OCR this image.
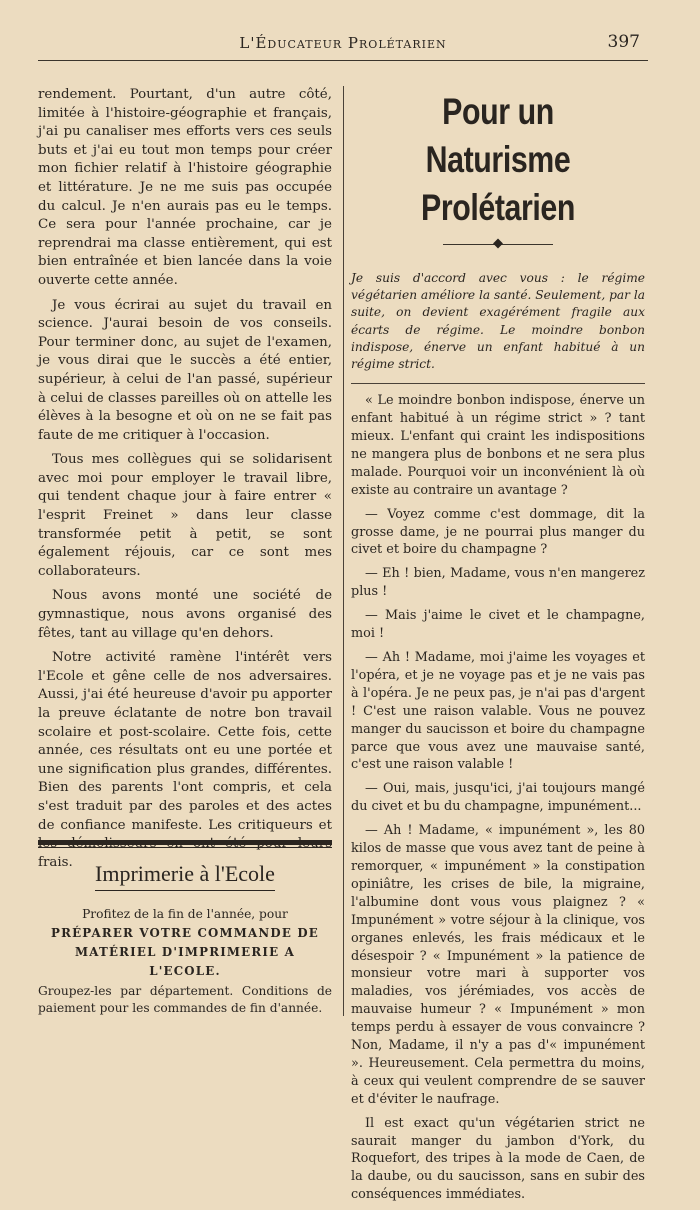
L'Éducateur Prolétarien	397

rendement. Pourtant, d'un autre côté, limitée à l'histoire-géographie et français, j'ai pu canaliser mes efforts vers ces seuls buts et j'ai eu tout mon temps pour créer mon fichier relatif à l'histoire géographie et littérature. Je ne me suis pas occupée du calcul. Je n'en aurais pas eu le temps. Ce sera pour l'année prochaine, car je reprendrai ma classe entièrement, qui est bien entraînée et bien lancée dans la voie ouverte cette année.

Je vous écrirai au sujet du travail en science. J'aurai besoin de vos conseils. Pour terminer donc, au sujet de l'examen, je vous dirai que le succès a été entier, supérieur, à celui de l'an passé, supérieur à celui de classes pareilles où on attelle les élèves à la besogne et où on ne se fait pas faute de me critiquer à l'occasion.

Tous mes collègues qui se solidarisent avec moi pour employer le travail libre, qui tendent chaque jour à faire entrer « l'esprit Freinet » dans leur classe transformée petit à petit, se sont également réjouis, car ce sont mes collaborateurs.

Nous avons monté une société de gymnastique, nous avons organisé des fêtes, tant au village qu'en dehors.

Notre activité ramène l'intérêt vers l'Ecole et gêne celle de nos adversaires. Aussi, j'ai été heureuse d'avoir pu apporter la preuve éclatante de notre bon travail scolaire et post-scolaire. Cette fois, cette année, ces résultats ont eu une portée et une signification plus grandes, différentes. Bien des parents l'ont compris, et cela s'est traduit par des paroles et des actes de confiance manifeste. Les critiqueurs et frais.	Imprimerie à l'Ecole
Profitez de la fin de l'année, pour
PRÉPARER VOTRE COMMANDE DE MATÉRIEL D'IMPRIMERIE A L'ECOLE.
Groupez-les par département. Conditions de paiement pour les commandes de fin d'année.
Pour un Naturisme
Prolétarien
Je suis d'accord avec vous : le régime végétarien améliore la santé. Seulement, par la suite, on devient exagérément fragile aux écarts de régime. Le moindre bonbon indispose, énerve un enfant habitué à un régime strict.

« Le moindre bonbon indispose, énerve un enfant habitué à un régime strict » ? tant mieux. L'enfant qui craint les indispositions ne mangera plus de bonbons et ne sera plus malade. Pourquoi voir un inconvénient là où existe au contraire un avantage ?

— Voyez comme c'est dommage, dit la grosse dame, je ne pourrai plus manger du civet et boire du champagne ?

— Eh ! bien, Madame, vous n'en mangerez plus !

— Mais j'aime le civet et le champagne, moi !

— Ah ! Madame, moi j'aime les voyages et l'opéra, et je ne voyage pas et je ne vais pas à l'opéra. Je ne peux pas, je n'ai pas d'argent ! C'est une raison valable. Vous ne pouvez manger du saucisson et boire du champagne parce que vous avez une mauvaise santé, c'est une raison valable !

— Oui, mais, jusqu'ici, j'ai toujours mangé du civet et bu du champagne, impunément...

— Ah ! Madame, « impunément », les 80 kilos de masse que vous avez tant de peine à remorquer, « impunément » la constipation opiniâtre, les crises de bile, la migraine, l'albumine dont vous vous plaignez ? « Impunément » votre séjour à la clinique, vos organes enlevés, les frais médicaux et le désespoir ? « Impunément » la patience de monsieur votre mari à supporter vos maladies, vos jérémiades, vos accès de mauvaise humeur ? « Impunément » mon temps perdu à essayer de vous convaincre ? Non, Madame, il n'y a pas d'« impunément ». Heureusement. Cela permettra du moins, à ceux qui veulent comprendre de se sauver et d'éviter le naufrage.

Il est exact qu'un végétarien strict ne saurait manger du jambon d'York, du Roquefort, des tripes à la mode de Caen, de la daube, ou du saucisson, sans en subir des conséquences immédiates.
